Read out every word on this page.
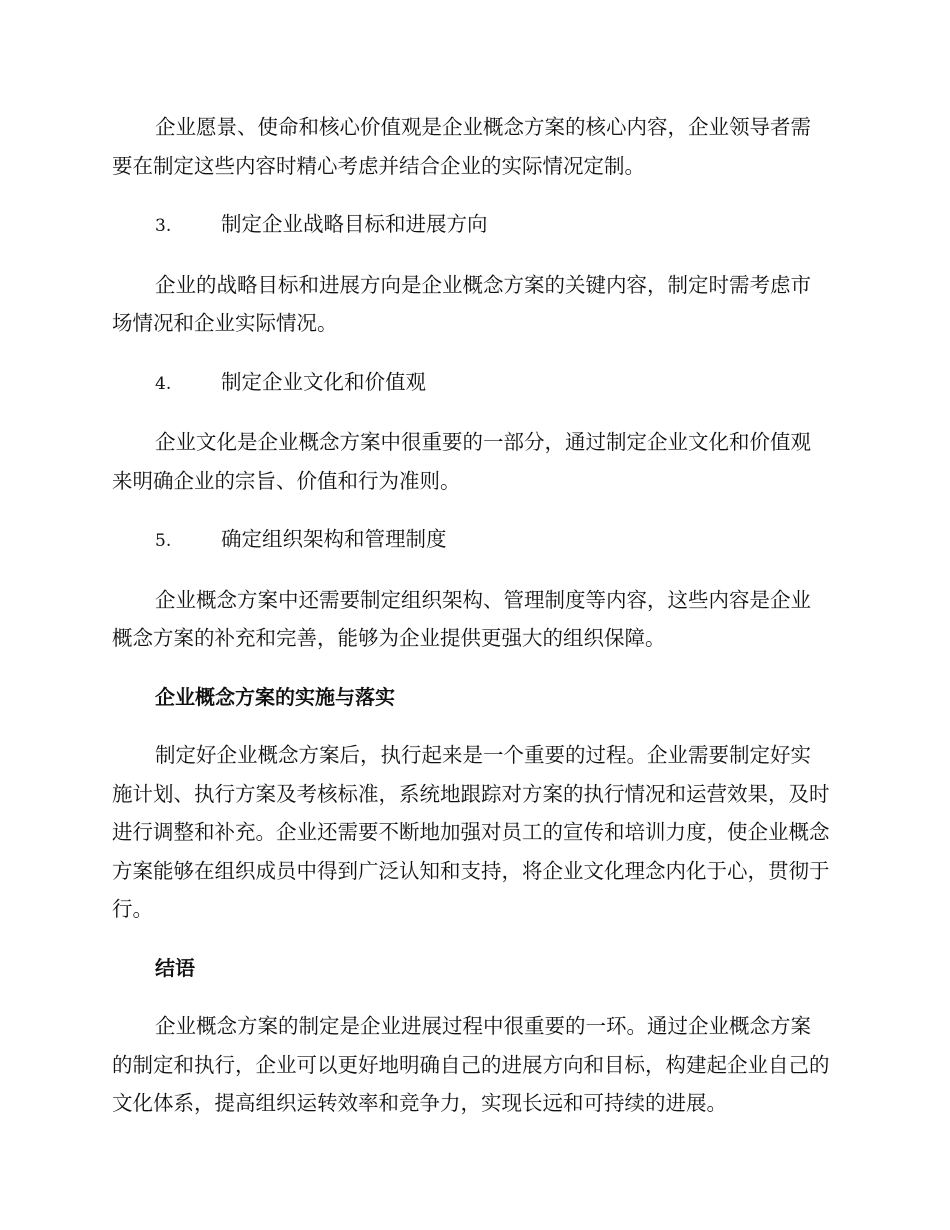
企业愿景、使命和核心价值观是企业概念方案的核心内容，企业领导者需要在制定这些内容时精心考虑并结合企业的实际情况定制。

3. 制定企业战略目标和进展方向

企业的战略目标和进展方向是企业概念方案的关键内容，制定时需考虑市场情况和企业实际情况。

4. 制定企业文化和价值观

企业文化是企业概念方案中很重要的一部分，通过制定企业文化和价值观来明确企业的宗旨、价值和行为准则。

5. 确定组织架构和管理制度

企业概念方案中还需要制定组织架构、管理制度等内容，这些内容是企业概念方案的补充和完善，能够为企业提供更强大的组织保障。

企业概念方案的实施与落实

制定好企业概念方案后，执行起来是一个重要的过程。企业需要制定好实施计划、执行方案及考核标准，系统地跟踪对方案的执行情况和运营效果，及时进行调整和补充。企业还需要不断地加强对员工的宣传和培训力度，使企业概念方案能够在组织成员中得到广泛认知和支持，将企业文化理念内化于心，贯彻于行。

结语

企业概念方案的制定是企业进展过程中很重要的一环。通过企业概念方案的制定和执行，企业可以更好地明确自己的进展方向和目标，构建起企业自己的文化体系，提高组织运转效率和竞争力，实现长远和可持续的进展。
